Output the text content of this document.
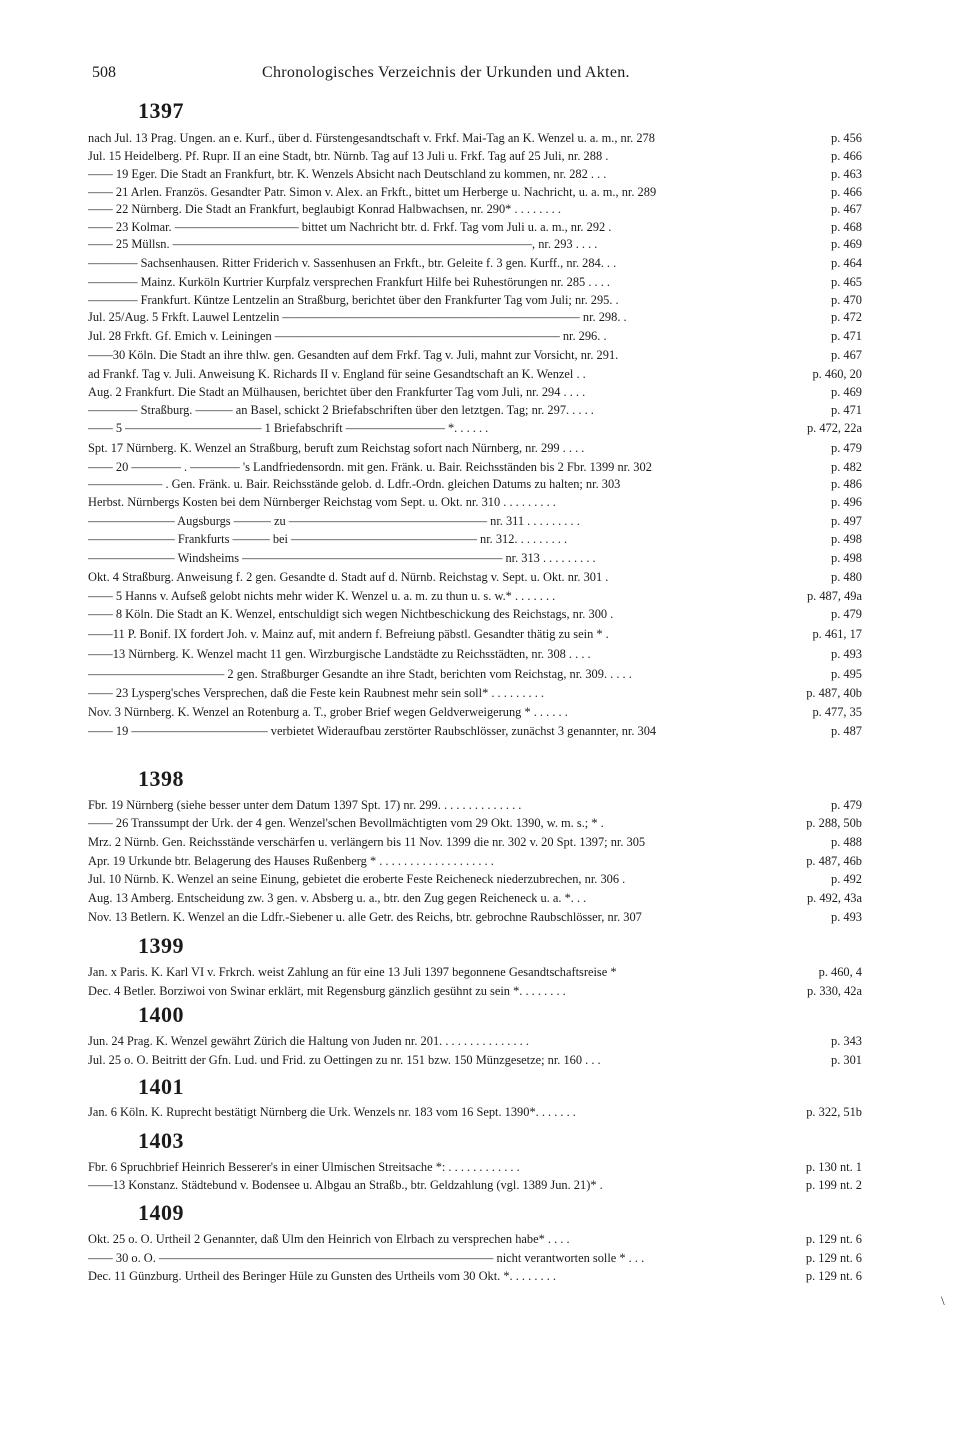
508	Chronologisches Verzeichnis der Urkunden und Akten.
1397
1398
1399
1400
1401
1403
1409
nach Jul. 13 Prag. Ungen. an e. Kurf., über d. Fürstengesandtschaft v. Frkf. Mai-Tag an K. Wenzel u. a. m., nr. 278	p. 456
Jul. 15 Heidelberg. Pf. Rupr. II an eine Stadt, btr. Nürnb. Tag auf 13 Juli u. Frkf. Tag auf 25 Juli, nr. 288 .	p. 466
—— 19 Eger. Die Stadt an Frankfurt, btr. K. Wenzels Absicht nach Deutschland zu kommen, nr. 282 . . .	p. 463
—— 21 Arlen. Französ. Gesandter Patr. Simon v. Alex. an Frkft., bittet um Herberge u. Nachricht, u. a. m., nr. 289	p. 466
—— 22 Nürnberg. Die Stadt an Frankfurt, beglaubigt Konrad Halbwachsen, nr. 290* . . . . . . . .	p. 467
—— 23 Kolmar. —————————— bittet um Nachricht btr. d. Frkf. Tag vom Juli u. a. m., nr. 292 .	p. 468
—— 25 Müllsn. —————————————————————————————, nr. 293 . . . .	p. 469
———— Sachsenhausen. Ritter Friderich v. Sassenhusen an Frkft., btr. Geleite f. 3 gen. Kurff., nr. 284. . .	p. 464
———— Mainz. Kurköln Kurtrier Kurpfalz versprechen Frankfurt Hilfe bei Ruhestörungen nr. 285 . . . .	p. 465
———— Frankfurt. Küntze Lentzelin an Straßburg, berichtet über den Frankfurter Tag vom Juli; nr. 295. .	p. 470
Jul. 25/Aug. 5 Frkft. Lauwel Lentzelin ———————————————————————— nr. 298. .	p. 472
Jul. 28 Frkft. Gf. Emich v. Leiningen ——————————————————————— nr. 296. .	p. 471
——30 Köln. Die Stadt an ihre thlw. gen. Gesandten auf dem Frkf. Tag v. Juli, mahnt zur Vorsicht, nr. 291.	p. 467
ad Frankf. Tag v. Juli. Anweisung K. Richards II v. England für seine Gesandtschaft an K. Wenzel . .	p. 460, 20
Aug. 2 Frankfurt. Die Stadt an Mülhausen, berichtet über den Frankfurter Tag vom Juli, nr. 294 . . . .	p. 469
———— Straßburg. ——— an Basel, schickt 2 Briefabschriften über den letztgen. Tag; nr. 297. . . . .	p. 471
—— 5 ——————————— 1 Briefabschrift ———————— *. . . . . .	p. 472, 22a
Spt. 17 Nürnberg. K. Wenzel an Straßburg, beruft zum Reichstag sofort nach Nürnberg, nr. 299 . . . .	p. 479
—— 20 ———— . ———— 's Landfriedensordn. mit gen. Fränk. u. Bair. Reichsständen bis 2 Fbr. 1399 nr. 302	p. 482
—————— . Gen. Fränk. u. Bair. Reichsstände gelob. d. Ldfr.-Ordn. gleichen Datums zu halten; nr. 303	p. 486
Herbst. Nürnbergs Kosten bei dem Nürnberger Reichstag vom Sept. u. Okt. nr. 310 . . . . . . . . .	p. 496
——————— Augsburgs ——— zu ———————————————— nr. 311 . . . . . . . . .	p. 497
——————— Frankfurts ——— bei ——————————————— nr. 312. . . . . . . . .	p. 498
——————— Windsheims ————————————————————— nr. 313 . . . . . . . . .	p. 498
Okt. 4 Straßburg. Anweisung f. 2 gen. Gesandte d. Stadt auf d. Nürnb. Reichstag v. Sept. u. Okt. nr. 301 .	p. 480
—— 5 Hanns v. Aufseß gelobt nichts mehr wider K. Wenzel u. a. m. zu thun u. s. w.* . . . . . . .	p. 487, 49a
—— 8 Köln. Die Stadt an K. Wenzel, entschuldigt sich wegen Nichtbeschickung des Reichstags, nr. 300 .	p. 479
——11 P. Bonif. IX fordert Joh. v. Mainz auf, mit andern f. Befreiung päbstl. Gesandter thätig zu sein * .	p. 461, 17
——13 Nürnberg. K. Wenzel macht 11 gen. Wirzburgische Landstädte zu Reichsstädten, nr. 308 . . . .	p. 493
——————————— 2 gen. Straßburger Gesandte an ihre Stadt, berichten vom Reichstag, nr. 309. . . . .	p. 495
—— 23 Lysperg'sches Versprechen, daß die Feste kein Raubnest mehr sein soll* . . . . . . . . .	p. 487, 40b
Nov. 3 Nürnberg. K. Wenzel an Rotenburg a. T., grober Brief wegen Geldverweigerung * . . . . . .	p. 477, 35
—— 19 ——————————— verbietet Wideraufbau zerstörter Raubschlösser, zunächst 3 genannter, nr. 304	p. 487
Fbr. 19 Nürnberg (siehe besser unter dem Datum 1397 Spt. 17) nr. 299. . . . . . . . . . . . . .	p. 479
—— 26 Transsumpt der Urk. der 4 gen. Wenzel'schen Bevollmächtigten vom 29 Okt. 1390, w. m. s.; * .	p. 288, 50b
Mrz. 2 Nürnb. Gen. Reichsstände verschärfen u. verlängern bis 11 Nov. 1399 die nr. 302 v. 20 Spt. 1397; nr. 305	p. 488
Apr. 19 Urkunde btr. Belagerung des Hauses Rußenberg * . . . . . . . . . . . . . . . . . . .	p. 487, 46b
Jul. 10 Nürnb. K. Wenzel an seine Einung, gebietet die eroberte Feste Reicheneck niederzubrechen, nr. 306 .	p. 492
Aug. 13 Amberg. Entscheidung zw. 3 gen. v. Absberg u. a., btr. den Zug gegen Reicheneck u. a. *. . .	p. 492, 43a
Nov. 13 Betlern. K. Wenzel an die Ldfr.-Siebener u. alle Getr. des Reichs, btr. gebrochne Raubschlösser, nr. 307	p. 493
Jan. x Paris. K. Karl VI v. Frkrch. weist Zahlung an für eine 13 Juli 1397 begonnene Gesandtschaftsreise *	p. 460, 4
Dec. 4 Betler. Borziwoi von Swinar erklärt, mit Regensburg gänzlich gesühnt zu sein *. . . . . . . .	p. 330, 42a
Jun. 24 Prag. K. Wenzel gewährt Zürich die Haltung von Juden nr. 201. . . . . . . . . . . . . . .	p. 343
Jul. 25 o. O. Beitritt der Gfn. Lud. und Frid. zu Oettingen zu nr. 151 bzw. 150 Münzgesetze; nr. 160 . . .	p. 301
Jan. 6 Köln. K. Ruprecht bestätigt Nürnberg die Urk. Wenzels nr. 183 vom 16 Sept. 1390*. . . . . . .	p. 322, 51b
Fbr. 6 Spruchbrief Heinrich Besserer's in einer Ulmischen Streitsache *: . . . . . . . . . . . .	p. 130 nt. 1
——13 Konstanz. Städtebund v. Bodensee u. Albgau an Straßb., btr. Geldzahlung (vgl. 1389 Jun. 21)* .	p. 199 nt. 2
Okt. 25 o. O. Urtheil 2 Genannter, daß Ulm den Heinrich von Elrbach zu versprechen habe* . . . .	p. 129 nt. 6
—— 30 o. O. ——————————————————————————— nicht verantworten solle * . . .	p. 129 nt. 6
Dec. 11 Günzburg. Urtheil des Beringer Hüle zu Gunsten des Urtheils vom 30 Okt. *. . . . . . . .	p. 129 nt. 6
\
